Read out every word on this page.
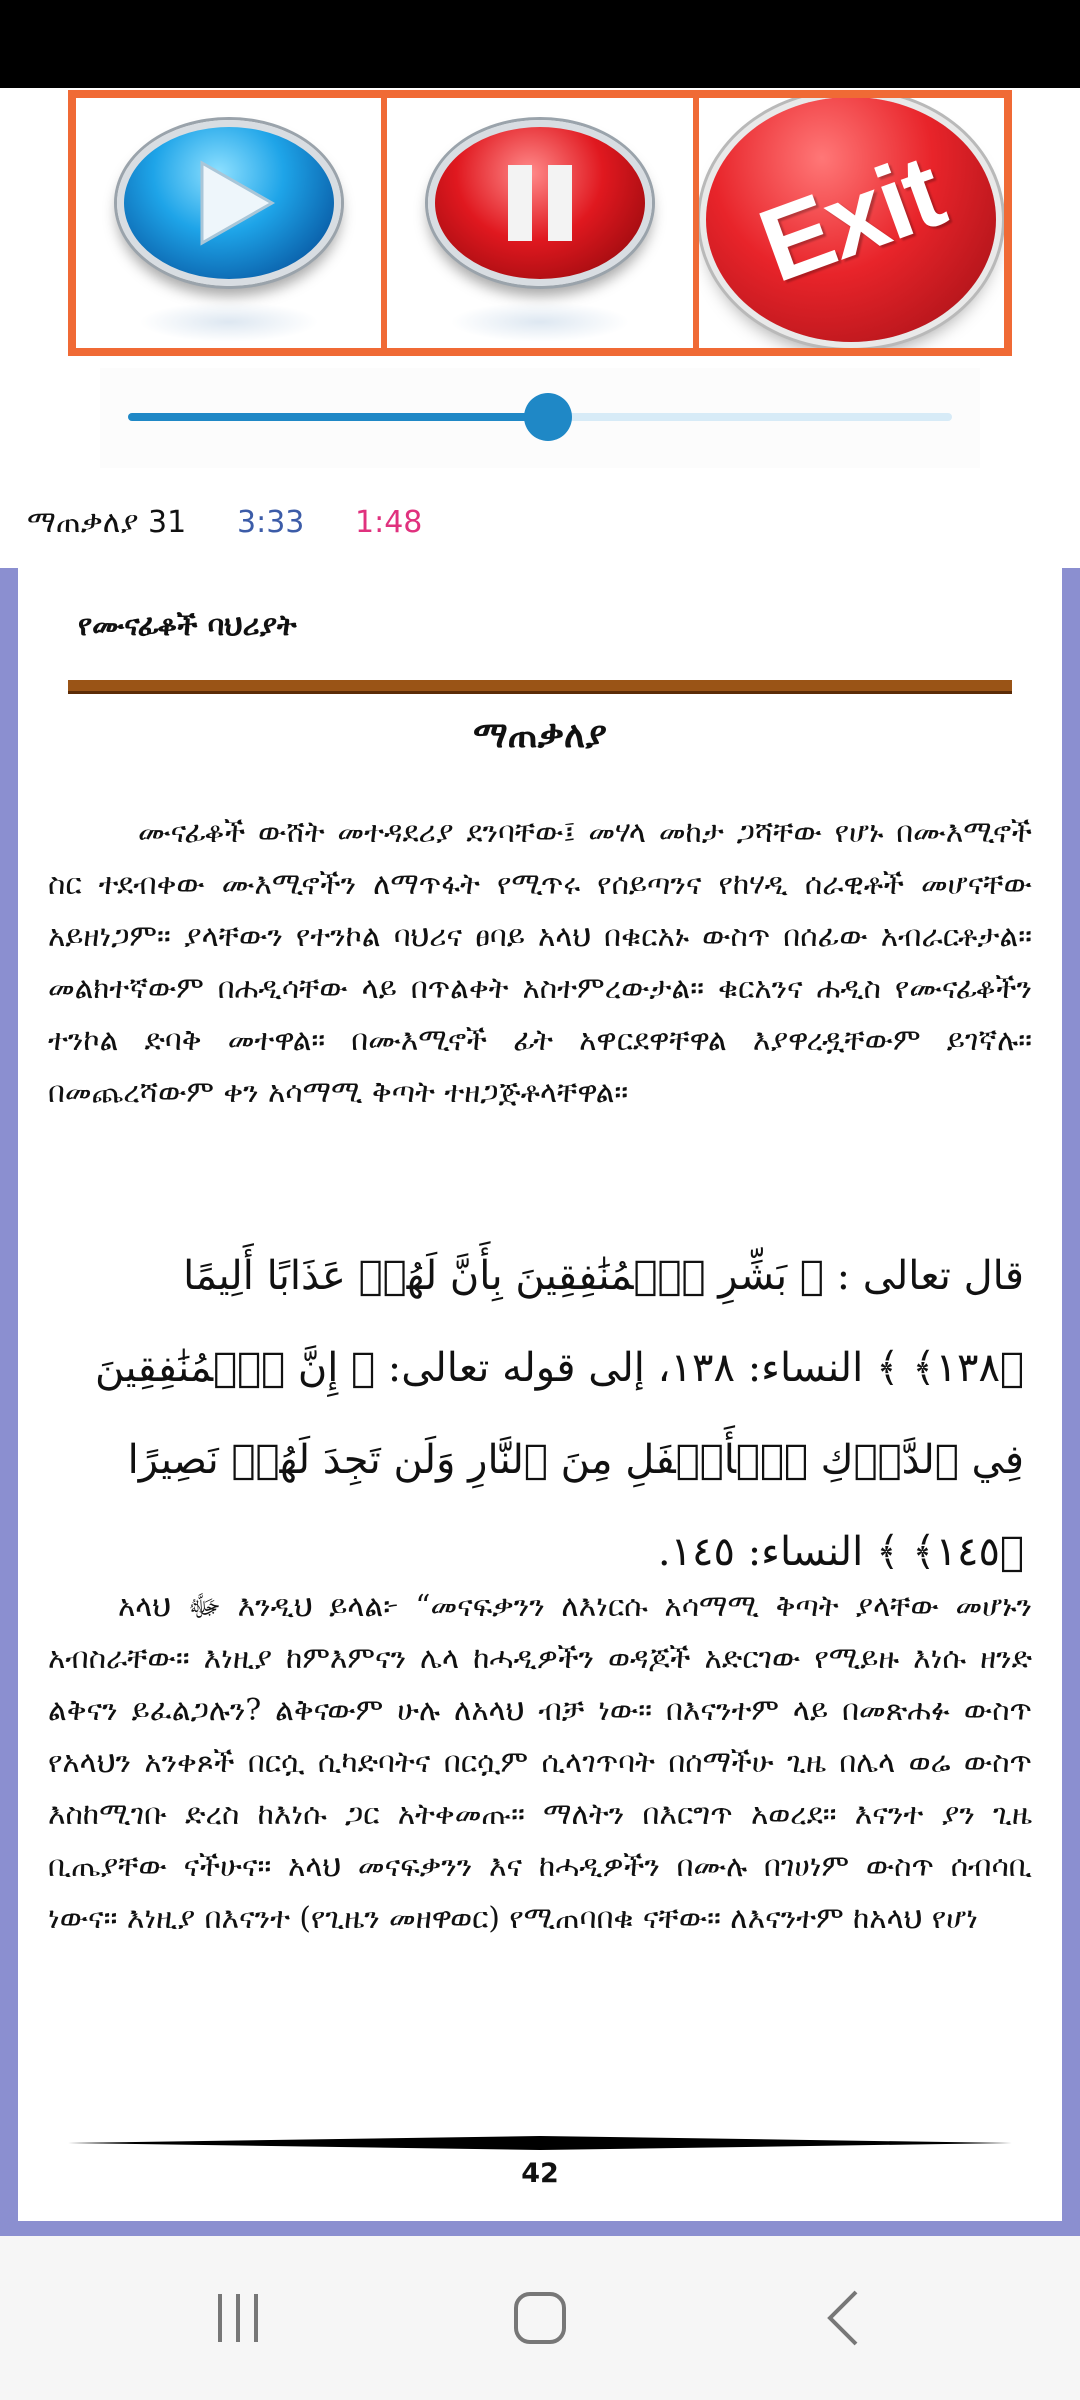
Exit
ማጠቃለያ 31 3:33 1:48
የሙናፊቆች ባህሪያት
ማጠቃለያ

ሙናፊቆች ውሸት መተዳደሪያ ደንባቸው፤ መሃላ መከታ ጋሻቸው የሆኑ በሙእሚኖች ስር ተደብቀው ሙእሚኖችን ለማጥፋት የሚጥሩ የሰይጣንና የከሃዲ ሰራዊቶች መሆናቸው አይዘነጋም። ያላቸውን የተንኮል ባህሪና ፀባይ አላህ በቁርአኑ ውስጥ በሰፊው አብራርቶታል። መልክተኛውም በሐዲሳቸው ላይ በጥልቀት አስተምረውታል። ቁርአንና ሐዲስ የሙናፊቆችን ተንኮል ድባቅ መተዋል። በሙእሚኖች ፊት አዋርደዋቸዋል እያዋረዷቸውም ይገኛሉ። በመጨረሻውም ቀን አሳማሚ ቅጣት ተዘጋጅቶላቸዋል።

قال تعالى : ﴿ بَشِّرِ ٱلۡمُنَٰفِقِينَ بِأَنَّ لَهُمۡ عَذَابًا أَلِيمًا ﴿١٣٨﴾ ﴾ النساء: ١٣٨، إلى قوله تعالى: ﴿ إِنَّ ٱلۡمُنَٰفِقِينَ فِي ٱلدَّرۡكِ ٱلۡأَسۡفَلِ مِنَ ٱلنَّارِ وَلَن تَجِدَ لَهُمۡ نَصِيرًا ﴿١٤٥﴾ ﴾ النساء: ١٤٥.

አላህ ﷻ እንዲህ ይላል፦ “መናፍቃንን ለእነርሱ አሳማሚ ቅጣት ያላቸው መሆኑን አብስራቸው። እነዚያ ከምእምናን ሌላ ከሓዲዎችን ወዳጆች አድርገው የሚይዙ እነሱ ዘንድ ልቅናን ይፈልጋሉን? ልቅናውም ሁሉ ለአላህ ብቻ ነው። በእናንተም ላይ በመጽሐፉ ውስጥ የአላህን አንቀጾች በርሷ ሲካድባትና በርሷም ሲላገጥባት በሰማችሁ ጊዜ በሌላ ወሬ ውስጥ እስከሚገቡ ድረስ ከእነሱ ጋር አትቀመጡ። ማለትን በእርግጥ አወረደ። እናንተ ያን ጊዜ ቢጤያቸው ናችሁና። አላህ መናፍቃንን እና ከሓዲዎችን በሙሉ በገሀነም ውስጥ ሰብሳቢ ነውና። እነዚያ በእናንተ (የጊዜን መዘዋወር) የሚጠባበቁ ናቸው። ለእናንተም ከአላህ የሆነ

42
